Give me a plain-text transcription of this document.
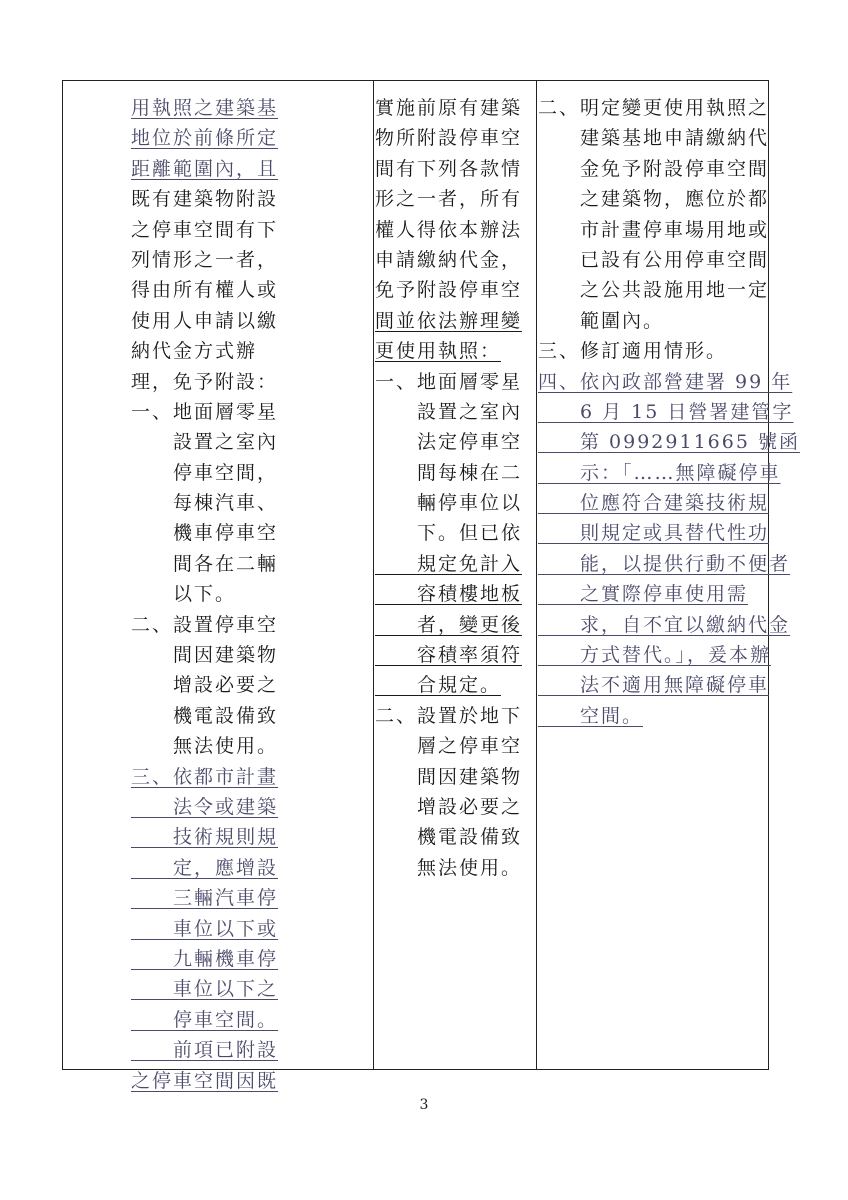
用執照之建築基
地位於前條所定
距離範圍內，且
既有建築物附設
之停車空間有下
列情形之一者，
得由所有權人或
使用人申請以繳
納代金方式辦
理，免予附設：
一、地面層零星
　　設置之室內
　　停車空間，
　　每棟汽車、
　　機車停車空
　　間各在二輛
　　以下。
二、設置停車空
　　間因建築物
　　增設必要之
　　機電設備致
　　無法使用。
三、依都市計畫
　　法令或建築
　　技術規則規
　　定，應增設
　　三輛汽車停
　　車位以下或
　　九輛機車停
　　車位以下之
　　停車空間。
　　前項已附設
之停車空間因既
實施前原有建築
物所附設停車空
間有下列各款情
形之一者，所有
權人得依本辦法
申請繳納代金，
免予附設停車空
間並依法辦理變
更使用執照：
一、地面層零星
　　設置之室內
　　法定停車空
　　間每棟在二
　　輛停車位以
　　下。但已依
　　規定免計入
　　容積樓地板
　　者，變更後
　　容積率須符
　　合規定。
二、設置於地下
　　層之停車空
　　間因建築物
　　增設必要之
　　機電設備致
　　無法使用。
二、明定變更使用執照之
　　建築基地申請繳納代
　　金免予附設停車空間
　　之建築物，應位於都
　　市計畫停車場用地或
　　已設有公用停車空間
　　之公共設施用地一定
　　範圍內。
三、修訂適用情形。
四、依內政部營建署 99 年
　　6 月 15 日營署建管字
　　第 0992911665 號函
　　示：「……無障礙停車
　　位應符合建築技術規
　　則規定或具替代性功
　　能，以提供行動不便者
　　之實際停車使用需
　　求，自不宜以繳納代金
　　方式替代。」，爰本辦
　　法不適用無障礙停車
　　空間。
3
